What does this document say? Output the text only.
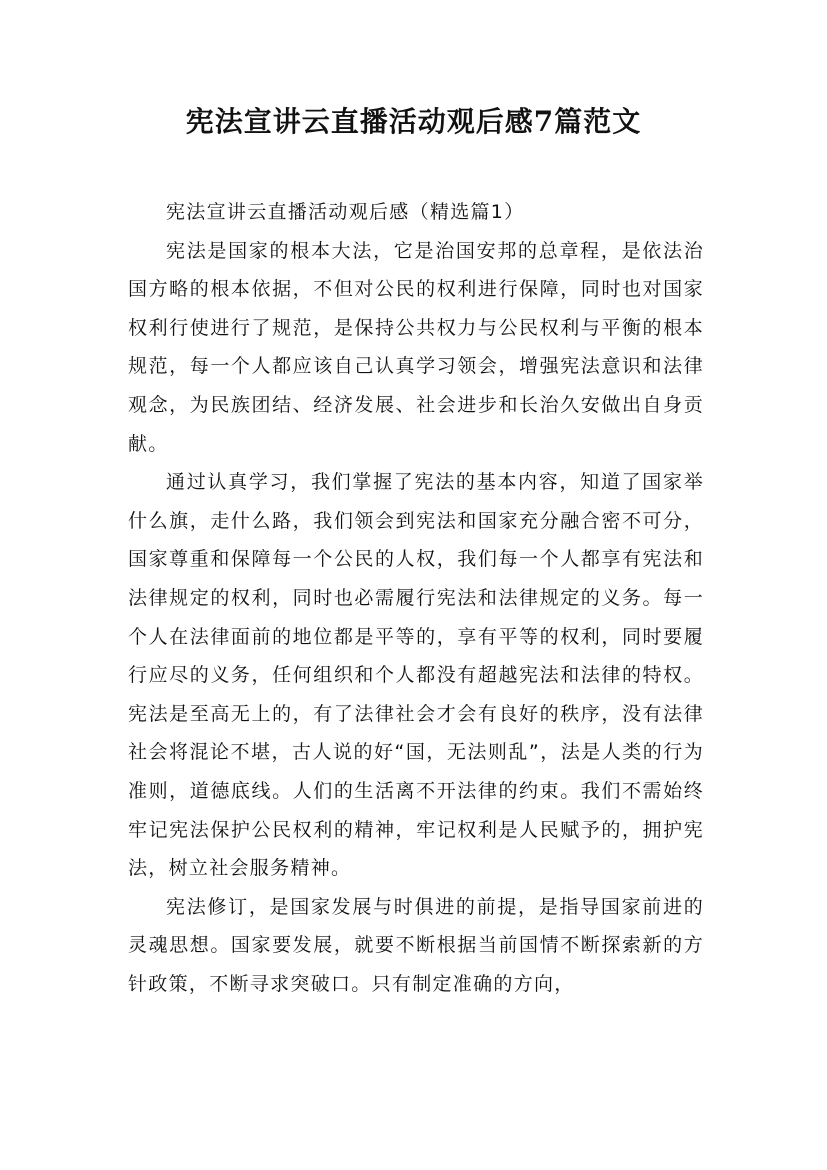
宪法宣讲云直播活动观后感7篇范文

宪法宣讲云直播活动观后感（精选篇1）

宪法是国家的根本大法，它是治国安邦的总章程，是依法治国方略的根本依据，不但对公民的权利进行保障，同时也对国家权利行使进行了规范，是保持公共权力与公民权利与平衡的根本规范，每一个人都应该自己认真学习领会，增强宪法意识和法律观念，为民族团结、经济发展、社会进步和长治久安做出自身贡献。

通过认真学习，我们掌握了宪法的基本内容，知道了国家举什么旗，走什么路，我们领会到宪法和国家充分融合密不可分，国家尊重和保障每一个公民的人权，我们每一个人都享有宪法和法律规定的权利，同时也必需履行宪法和法律规定的义务。每一个人在法律面前的地位都是平等的，享有平等的权利，同时要履行应尽的义务，任何组织和个人都没有超越宪法和法律的特权。宪法是至高无上的，有了法律社会才会有良好的秩序，没有法律社会将混论不堪，古人说的好“国，无法则乱”，法是人类的行为准则，道德底线。人们的生活离不开法律的约束。我们不需始终牢记宪法保护公民权利的精神，牢记权利是人民赋予的，拥护宪法，树立社会服务精神。

宪法修订，是国家发展与时俱进的前提，是指导国家前进的灵魂思想。国家要发展，就要不断根据当前国情不断探索新的方针政策，不断寻求突破口。只有制定准确的方向，
